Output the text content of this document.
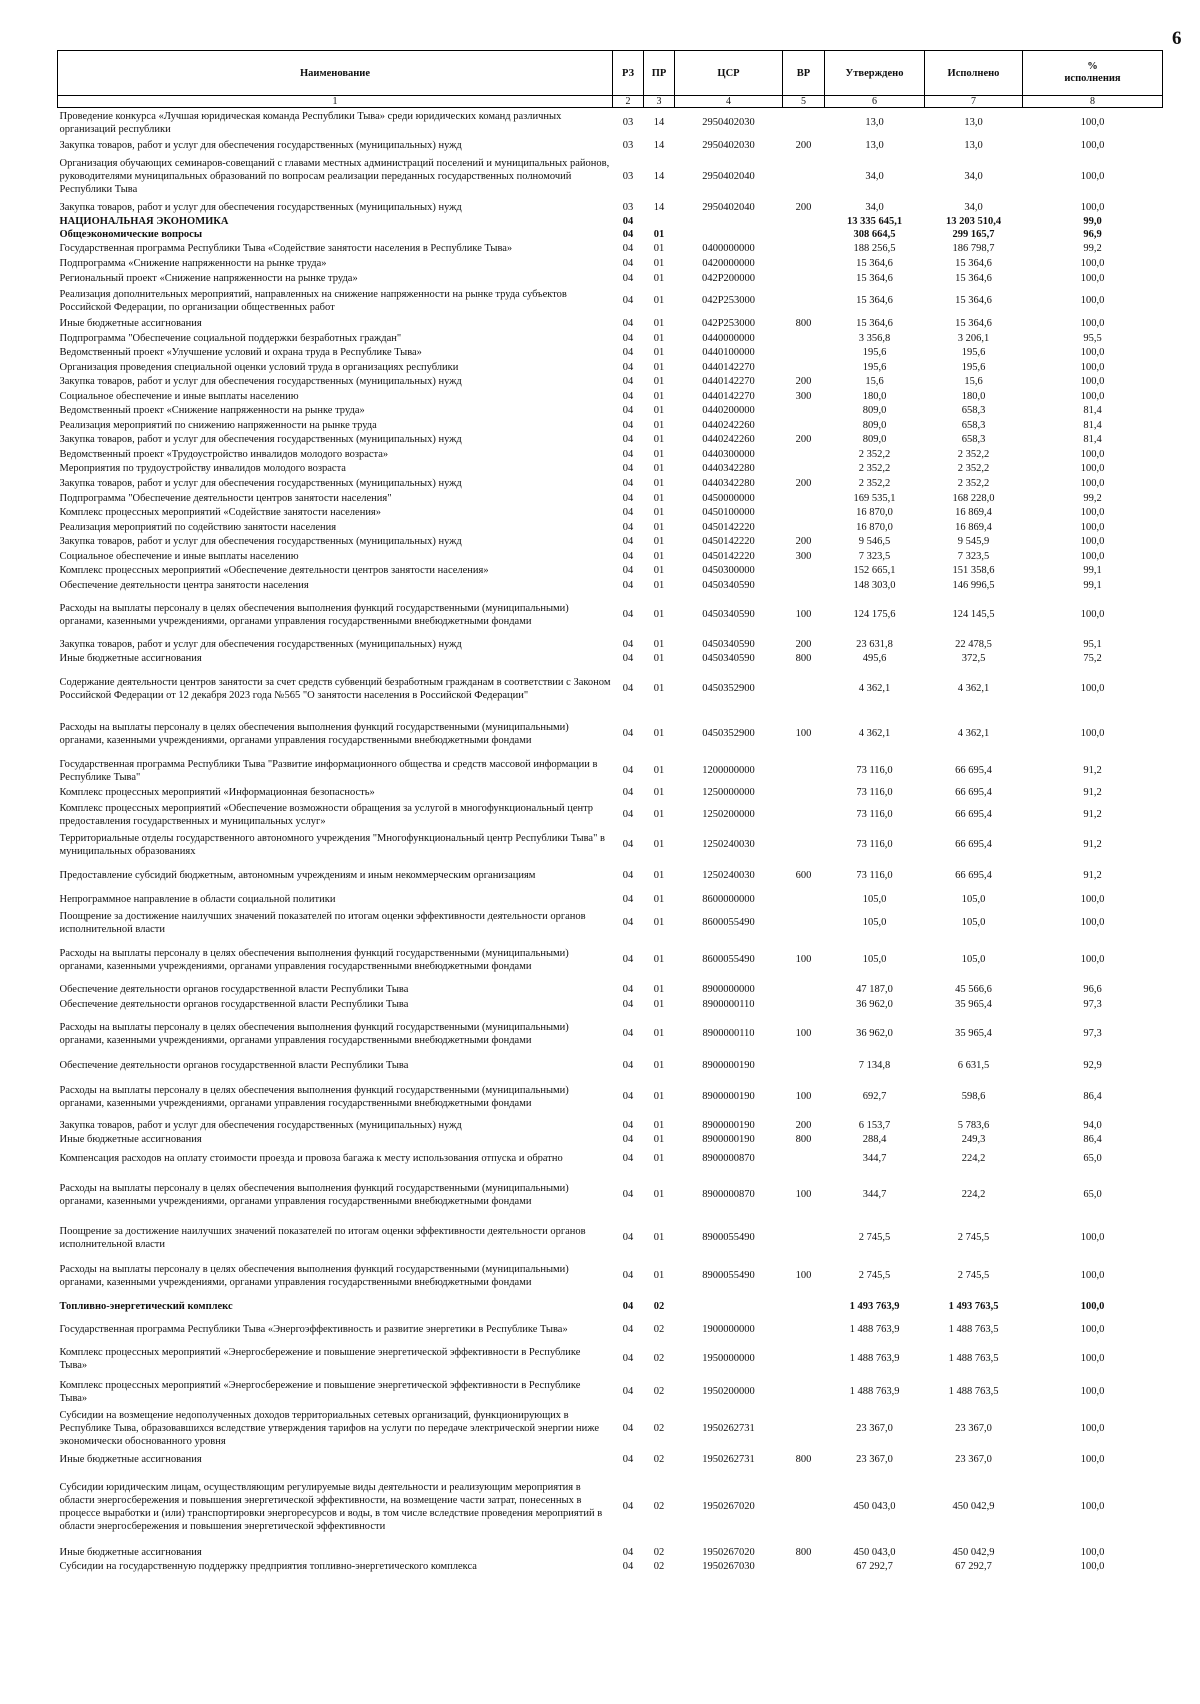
6
Наименование	РЗ	ПР	ЦСР	ВР	Утверждено	Исполнено	%
исполнения
1	2	3	4	5	6	7	8
Проведение конкурса «Лучшая юридическая команда Республики Тыва» среди юридических команд различных организаций республики	03	14	2950402030		13,0	13,0	100,0
Закупка товаров, работ и услуг для обеспечения государственных (муниципальных) нужд	03	14	2950402030	200	13,0	13,0	100,0
Организация обучающих семинаров-совещаний с главами местных администраций поселений и муниципальных районов, руководителями муниципальных образований по вопросам реализации переданных государственных полномочий Республики Тыва	03	14	2950402040		34,0	34,0	100,0
Закупка товаров, работ и услуг для обеспечения государственных (муниципальных) нужд	03	14	2950402040	200	34,0	34,0	100,0
НАЦИОНАЛЬНАЯ ЭКОНОМИКА	04				13 335 645,1	13 203 510,4	99,0
Общеэкономические вопросы	04	01			308 664,5	299 165,7	96,9
Государственная программа Республики Тыва «Содействие занятости населения в Республике Тыва»	04	01	0400000000		188 256,5	186 798,7	99,2
Подпрограмма «Снижение напряженности на рынке труда»	04	01	0420000000		15 364,6	15 364,6	100,0
Региональный проект «Снижение напряженности на рынке труда»	04	01	042P200000		15 364,6	15 364,6	100,0
Реализация дополнительных мероприятий, направленных на снижение напряженности на рынке труда субъектов Российской Федерации, по организации общественных работ	04	01	042P253000		15 364,6	15 364,6	100,0
Иные бюджетные ассигнования	04	01	042P253000	800	15 364,6	15 364,6	100,0
Подпрограмма "Обеспечение социальной поддержки безработных граждан"	04	01	0440000000		3 356,8	3 206,1	95,5
Ведомственный проект «Улучшение условий и охрана труда в Республике Тыва»	04	01	0440100000		195,6	195,6	100,0
Организация проведения специальной оценки условий труда в организациях республики	04	01	0440142270		195,6	195,6	100,0
Закупка товаров, работ и услуг для обеспечения государственных (муниципальных) нужд	04	01	0440142270	200	15,6	15,6	100,0
Социальное обеспечение и иные выплаты населению	04	01	0440142270	300	180,0	180,0	100,0
Ведомственный проект «Снижение напряженности на рынке труда»	04	01	0440200000		809,0	658,3	81,4
Реализация мероприятий по снижению напряженности на рынке труда	04	01	0440242260		809,0	658,3	81,4
Закупка товаров, работ и услуг для обеспечения государственных (муниципальных) нужд	04	01	0440242260	200	809,0	658,3	81,4
Ведомственный проект «Трудоустройство инвалидов молодого возраста»	04	01	0440300000		2 352,2	2 352,2	100,0
Мероприятия по трудоустройству инвалидов молодого возраста	04	01	0440342280		2 352,2	2 352,2	100,0
Закупка товаров, работ и услуг для обеспечения государственных (муниципальных) нужд	04	01	0440342280	200	2 352,2	2 352,2	100,0
Подпрограмма "Обеспечение деятельности центров занятости населения"	04	01	0450000000		169 535,1	168 228,0	99,2
Комплекс процессных мероприятий «Содействие занятости населения»	04	01	0450100000		16 870,0	16 869,4	100,0
Реализация мероприятий по содействию занятости населения	04	01	0450142220		16 870,0	16 869,4	100,0
Закупка товаров, работ и услуг для обеспечения государственных (муниципальных) нужд	04	01	0450142220	200	9 546,5	9 545,9	100,0
Социальное обеспечение и иные выплаты населению	04	01	0450142220	300	7 323,5	7 323,5	100,0
Комплекс процессных мероприятий «Обеспечение деятельности центров занятости населения»	04	01	0450300000		152 665,1	151 358,6	99,1
Обеспечение деятельности центра занятости населения	04	01	0450340590		148 303,0	146 996,5	99,1
Расходы на выплаты персоналу в целях обеспечения выполнения функций государственными (муниципальными) органами, казенными учреждениями, органами управления государственными внебюджетными фондами	04	01	0450340590	100	124 175,6	124 145,5	100,0
Закупка товаров, работ и услуг для обеспечения государственных (муниципальных) нужд	04	01	0450340590	200	23 631,8	22 478,5	95,1
Иные бюджетные ассигнования	04	01	0450340590	800	495,6	372,5	75,2
Содержание деятельности центров занятости за счет средств субвенций безработным гражданам в соответствии с Законом Российской Федерации от 12 декабря 2023 года №565 "О занятости населения в Российской Федерации"	04	01	0450352900		4 362,1	4 362,1	100,0
Расходы на выплаты персоналу в целях обеспечения выполнения функций государственными (муниципальными) органами, казенными учреждениями, органами управления государственными внебюджетными фондами	04	01	0450352900	100	4 362,1	4 362,1	100,0
Государственная программа Республики Тыва "Развитие информационного общества и средств массовой информации в Республике Тыва"	04	01	1200000000		73 116,0	66 695,4	91,2
Комплекс процессных мероприятий «Информационная безопасность»	04	01	1250000000		73 116,0	66 695,4	91,2
Комплекс процессных мероприятий «Обеспечение возможности обращения за услугой в многофункциональный центр предоставления государственных и муниципальных услуг»	04	01	1250200000		73 116,0	66 695,4	91,2
Территориальные отделы государственного автономного учреждения "Многофункциональный центр Республики Тыва" в муниципальных образованиях	04	01	1250240030		73 116,0	66 695,4	91,2
Предоставление субсидий бюджетным, автономным учреждениям и иным некоммерческим организациям	04	01	1250240030	600	73 116,0	66 695,4	91,2
Непрограммное направление в области социальной политики	04	01	8600000000		105,0	105,0	100,0
Поощрение за достижение наилучших значений показателей по итогам оценки эффективности деятельности органов исполнительной власти	04	01	8600055490		105,0	105,0	100,0
Расходы на выплаты персоналу в целях обеспечения выполнения функций государственными (муниципальными) органами, казенными учреждениями, органами управления государственными внебюджетными фондами	04	01	8600055490	100	105,0	105,0	100,0
Обеспечение деятельности органов государственной власти Республики Тыва	04	01	8900000000		47 187,0	45 566,6	96,6
Обеспечение деятельности органов государственной власти Республики Тыва	04	01	8900000110		36 962,0	35 965,4	97,3
Расходы на выплаты персоналу в целях обеспечения выполнения функций государственными (муниципальными) органами, казенными учреждениями, органами управления государственными внебюджетными фондами	04	01	8900000110	100	36 962,0	35 965,4	97,3
Обеспечение деятельности органов государственной власти Республики Тыва	04	01	8900000190		7 134,8	6 631,5	92,9
Расходы на выплаты персоналу в целях обеспечения выполнения функций государственными (муниципальными) органами, казенными учреждениями, органами управления государственными внебюджетными фондами	04	01	8900000190	100	692,7	598,6	86,4
Закупка товаров, работ и услуг для обеспечения государственных (муниципальных) нужд	04	01	8900000190	200	6 153,7	5 783,6	94,0
Иные бюджетные ассигнования	04	01	8900000190	800	288,4	249,3	86,4
Компенсация расходов на оплату стоимости проезда и провоза багажа к месту использования отпуска и обратно	04	01	8900000870		344,7	224,2	65,0
Расходы на выплаты персоналу в целях обеспечения выполнения функций государственными (муниципальными) органами, казенными учреждениями, органами управления государственными внебюджетными фондами	04	01	8900000870	100	344,7	224,2	65,0
Поощрение за достижение наилучших значений показателей по итогам оценки эффективности деятельности органов исполнительной власти	04	01	8900055490		2 745,5	2 745,5	100,0
Расходы на выплаты персоналу в целях обеспечения выполнения функций государственными (муниципальными) органами, казенными учреждениями, органами управления государственными внебюджетными фондами	04	01	8900055490	100	2 745,5	2 745,5	100,0
Топливно-энергетический комплекс	04	02			1 493 763,9	1 493 763,5	100,0
Государственная программа Республики Тыва «Энергоэффективность и развитие энергетики в Республике Тыва»	04	02	1900000000		1 488 763,9	1 488 763,5	100,0
Комплекс процессных мероприятий «Энергосбережение и повышение энергетической эффективности в Республике Тыва»	04	02	1950000000		1 488 763,9	1 488 763,5	100,0
Комплекс процессных мероприятий «Энергосбережение и повышение энергетической эффективности в Республике Тыва»	04	02	1950200000		1 488 763,9	1 488 763,5	100,0
Субсидии на возмещение недополученных доходов территориальных сетевых организаций, функционирующих в Республике Тыва, образовавшихся вследствие утверждения тарифов на услуги по передаче электрической энергии ниже экономически обоснованного уровня	04	02	1950262731		23 367,0	23 367,0	100,0
Иные бюджетные ассигнования	04	02	1950262731	800	23 367,0	23 367,0	100,0
Субсидии юридическим лицам, осуществляющим регулируемые виды деятельности и реализующим мероприятия в области энергосбережения и повышения энергетической эффективности, на возмещение части затрат, понесенных в процессе выработки и (или) транспортировки энергоресурсов и воды, в том числе вследствие проведения мероприятий в области энергосбережения и повышения энергетической эффективности	04	02	1950267020		450 043,0	450 042,9	100,0
Иные бюджетные ассигнования	04	02	1950267020	800	450 043,0	450 042,9	100,0
Субсидии на государственную поддержку предприятия топливно-энергетического комплекса	04	02	1950267030		67 292,7	67 292,7	100,0
